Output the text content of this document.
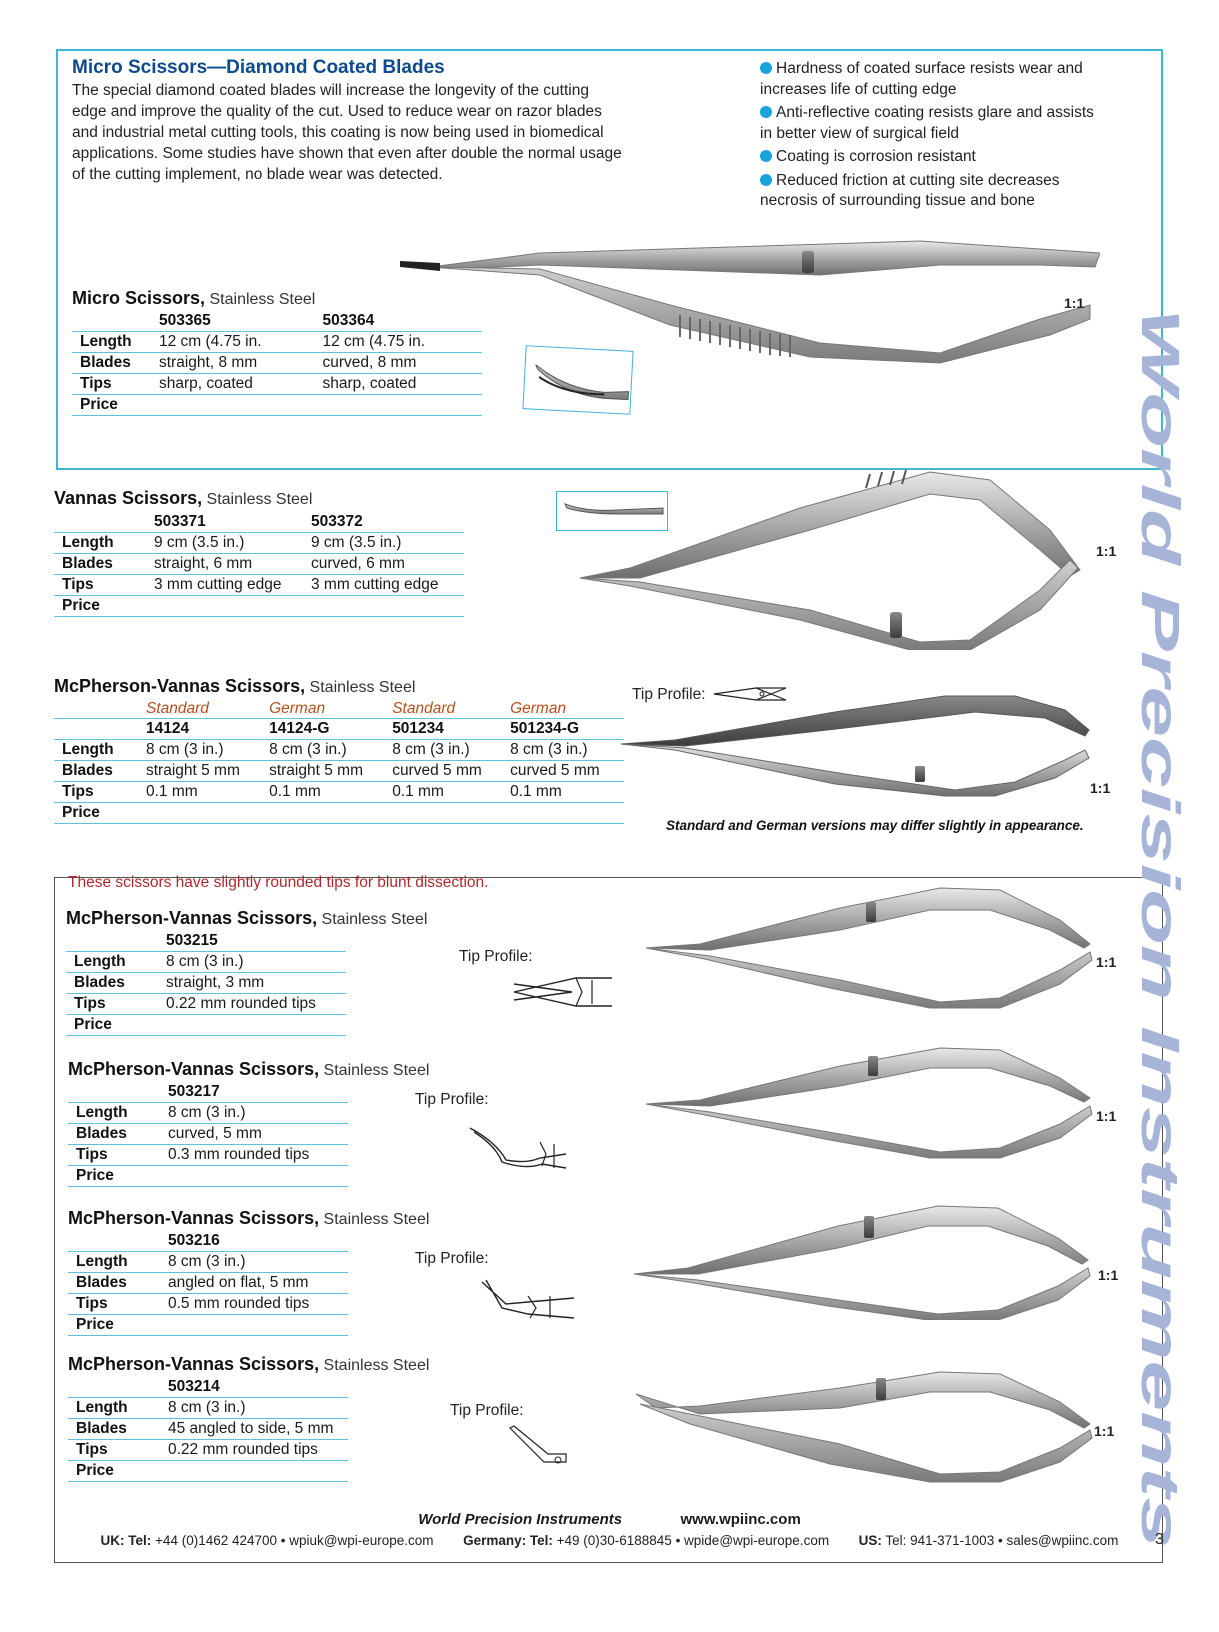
Micro Scissors—Diamond Coated Blades
The special diamond coated blades will increase the longevity of the cutting
edge and improve the quality of the cut. Used to reduce wear on razor blades
and industrial metal cutting tools, this coating is now being used in biomedical
applications. Some studies have shown that even after double the normal usage
of the cutting implement, no blade wear was detected.
Hardness of coated surface resists wear and
increases life of cutting edge
Anti-reflective coating resists glare and assists
in better view of surgical field
Coating is corrosion resistant
Reduced friction at cutting site decreases
necrosis of surrounding tissue and bone
Micro Scissors, Stainless Steel
	503365	503364
Length	12 cm (4.75 in.	12 cm (4.75 in.
Blades	straight, 8 mm	curved, 8 mm
Tips	sharp, coated	sharp, coated
Price		
1:1
Vannas Scissors, Stainless Steel
	503371	503372
Length	9 cm (3.5 in.)	9 cm (3.5 in.)
Blades	straight, 6 mm	curved, 6 mm
Tips	3 mm cutting edge	3 mm cutting edge
Price		
1:1
McPherson-Vannas Scissors, Stainless Steel
	Standard	German	Standard	German
	14124	14124-G	501234	501234-G
Length	8 cm (3 in.)	8 cm (3 in.)	8 cm (3 in.)	8 cm (3 in.)
Blades	straight 5 mm	straight 5 mm	curved 5 mm	curved 5 mm
Tips	0.1 mm	0.1 mm	0.1 mm	0.1 mm
Price				
Tip Profile:
1:1
Standard and German versions may differ slightly in appearance.
These scissors have slightly rounded tips for blunt dissection.
McPherson-Vannas Scissors, Stainless Steel
	503215
Length	8 cm (3 in.)
Blades	straight, 3 mm
Tips	0.22 mm rounded tips
Price	
Tip Profile:
McPherson-Vannas Scissors, Stainless Steel
	503217
Length	8 cm (3 in.)
Blades	curved, 5 mm
Tips	0.3 mm rounded tips
Price	
Tip Profile:
McPherson-Vannas Scissors, Stainless Steel
	503216
Length	8 cm (3 in.)
Blades	angled on flat, 5 mm
Tips	0.5 mm rounded tips
Price	
Tip Profile:
McPherson-Vannas Scissors, Stainless Steel
	503214
Length	8 cm (3 in.)
Blades	45 angled to side, 5 mm
Tips	0.22 mm rounded tips
Price	
Tip Profile:
1:1
1:1
1:1
1:1
World Precision Instruments
World Precision Instruments	www.wpiinc.com
UK: Tel: +44 (0)1462 424700 • wpiuk@wpi-europe.com Germany: Tel: +49 (0)30-6188845 • wpide@wpi-europe.com US: Tel: 941-371-1003 • sales@wpiinc.com	3
